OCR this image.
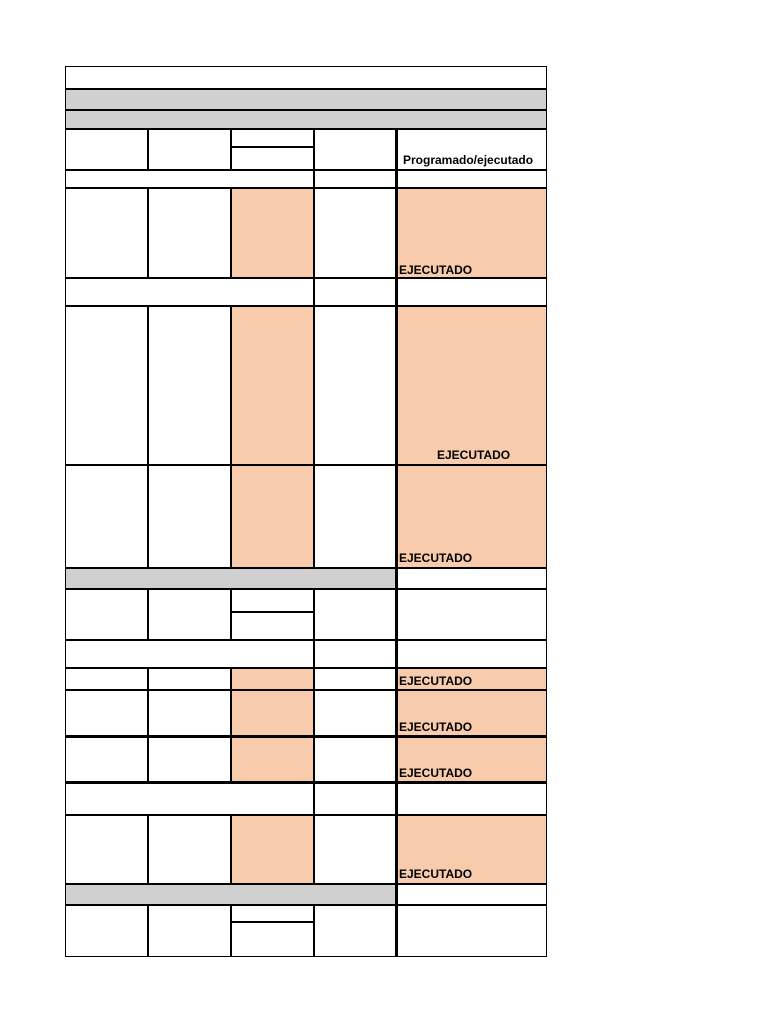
Programado/ejecutado
EJECUTADO
EJECUTADO
EJECUTADO
EJECUTADO
EJECUTADO
EJECUTADO
EJECUTADO
